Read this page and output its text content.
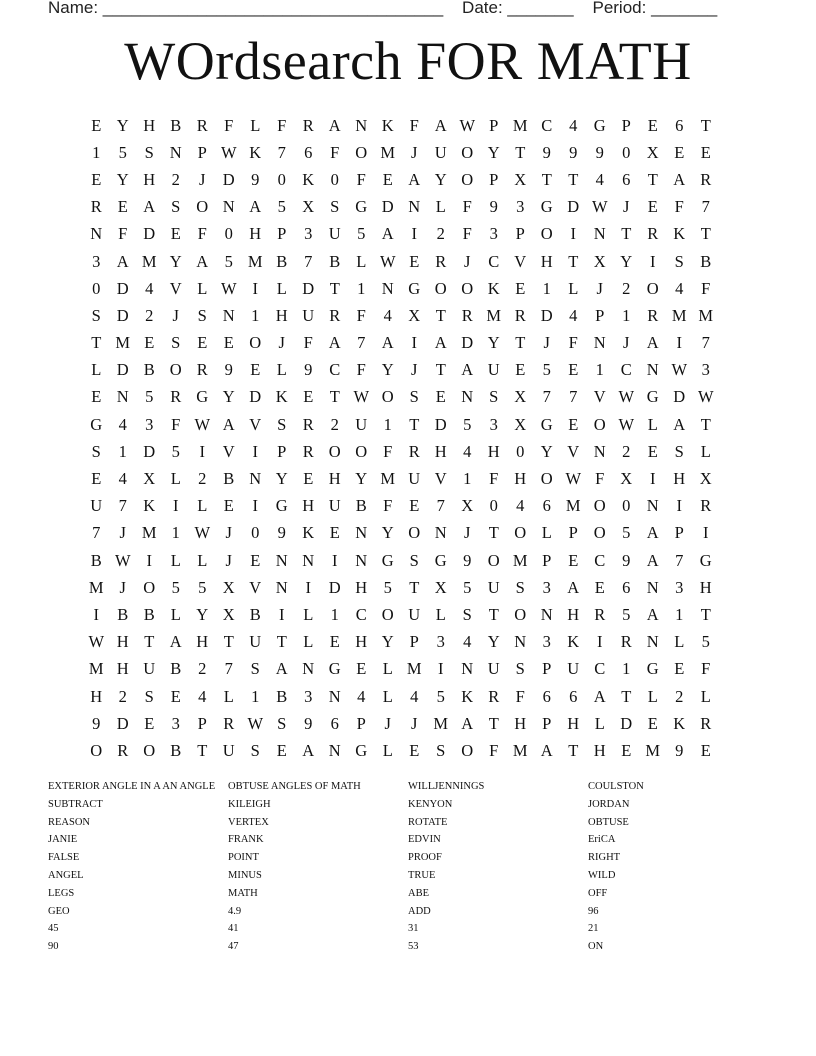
Name: ____________________________________    Date: _______    Period: _______
WOrdsearch FOR MATH
E Y H B R F	L	F R A N K F A W P M C	4 G P	E	6	T
1	5	S N P W K 7	6	F O M J	U O Y T	9	9	9	0 X E E
E Y H 2	J	D 9	0 K 0	F	E A Y O P X T T	4	6	T A R
R E A S O N A 5 X S G D N L	F	9	3 G D W J	E	F	7
N F D E	F	0 H P	3 U 5 A	I	2	F	3	P O	I	N T R K T
3 A M Y A 5 M B	7	B L W E R	J	C V H T X Y	I	S B
0 D 4 V L W I	L D T	1 N G O O K E	1	L	J	2 O 4	F
S D 2	J	S N 1 H U R F	4 X T R M R D 4	P	1	R M M
T M E	S	E E O	J	F A 7 A	I	A D Y T	J	F N	J	A	I	7
L D B O R	9	E L	9	C F Y	J	T A U E	5	E	1	C N W 3
E N 5	R G Y D K E T W O S	E N S X 7	7 V W G D W
G 4	3	F W A V S R	2 U 1	T D 5	3 X G E O W L A T
S	1 D 5	I	V	I	P R O O F R H 4 H 0 Y V N 2	E	S	L
E	4 X L	2	B N Y E H Y M U V 1	F H O W F X	I	H X
U 7 K	I	L E	I	G H U B F	E	7 X 0	4	6 M O 0 N	I	R
7	J M 1 W J	0	9 K E N Y O N	J	T O L	P O 5 A P	I
B W I	L L	J	E N N	I	N G S G 9 O M P	E C	9 A 7 G
M J	O 5	5 X V N	I	D H 5	T X 5 U S	3 A E	6 N 3 H
I	B B L Y X B	I	L	1	C O U L	S	T O N H R	5 A 1	T
W H T A H T U T L E H Y P	3	4 Y N 3 K	I	R N L	5
M H U B	2	7	S A N G E L M I	N U S	P U C	1 G E	F
H 2	S	E	4	L	1	B	3 N 4	L	4	5 K R F	6	6 A T L	2	L
9 D E	3	P R W S	9	6	P	J	J M A T H P H L D E K R
O R O B T U S	E A N G L E	S O F M A T H E M 9	E
EXTERIOR ANGLE IN A AN ANGLE	OBTUSE ANGLES OF MATH	WILLJENNINGS	COULSTON
SUBTRACT	KILEIGH	KENYON	JORDAN
REASON	VERTEX	ROTATE	OBTUSE
JANIE	FRANK	EDVIN	EriCA
FALSE	POINT	PROOF	RIGHT
ANGEL	MINUS	TRUE	WILD
LEGS	MATH	ABE	OFF
GEO	4.9	ADD	96
45	41	31	21
90	47	53	ON
